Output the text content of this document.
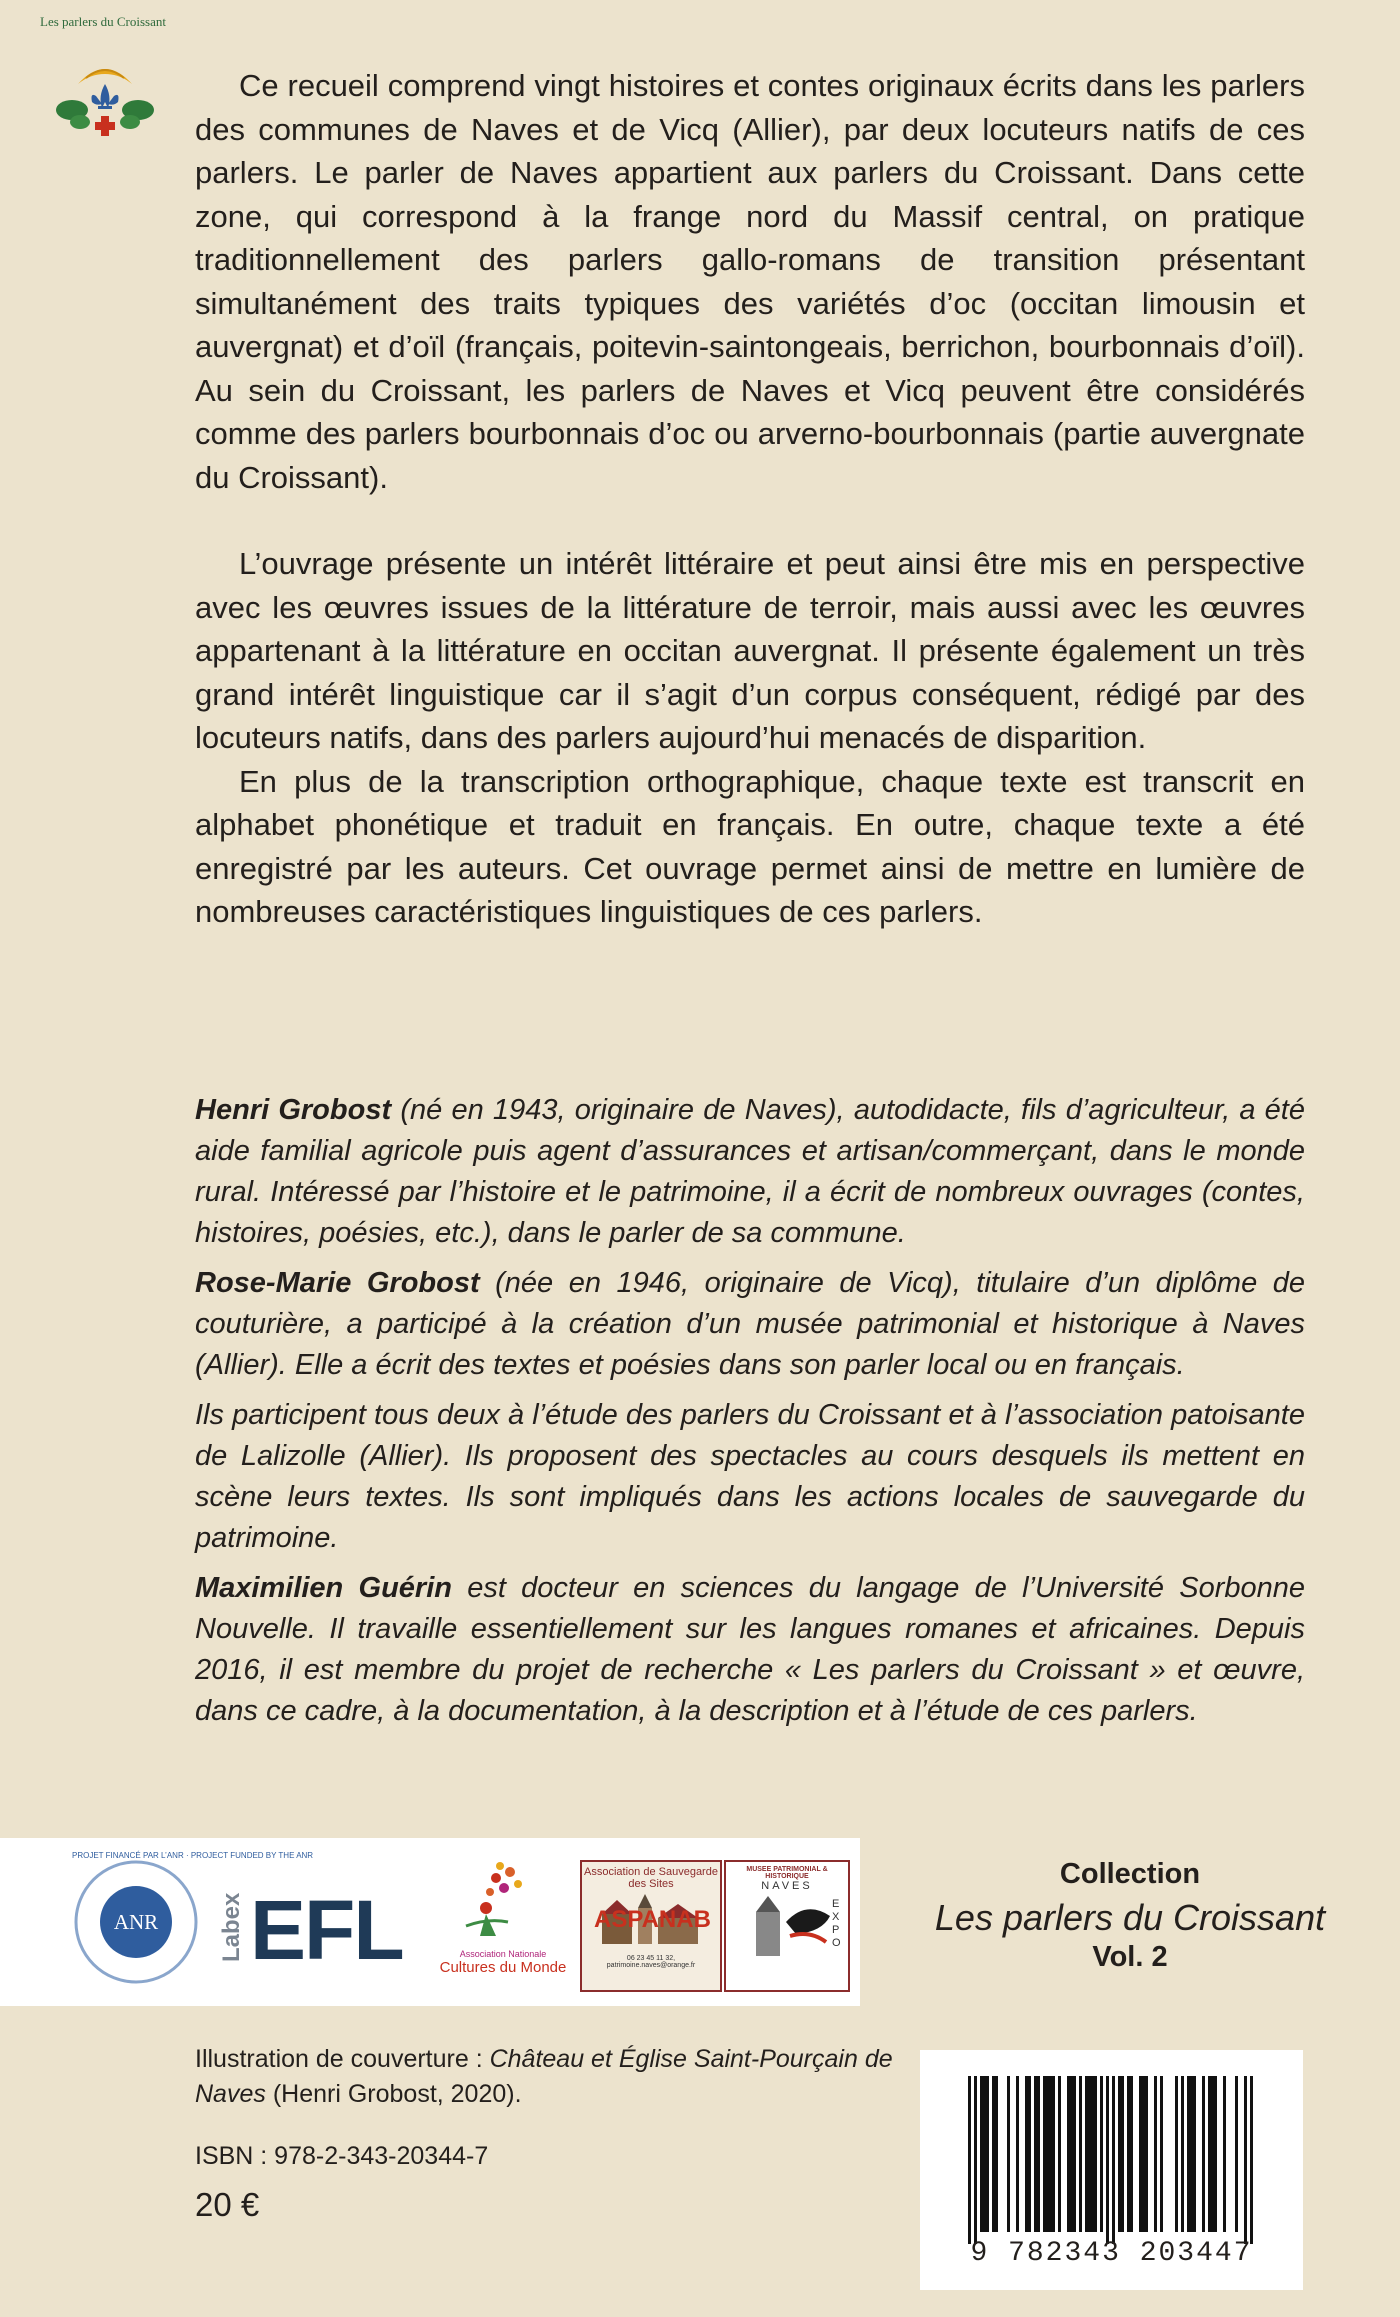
Les parlers du Croissant

Ce recueil comprend vingt histoires et contes originaux écrits dans les parlers des communes de Naves et de Vicq (Allier), par deux locuteurs natifs de ces parlers. Le parler de Naves appartient aux parlers du Croissant. Dans cette zone, qui correspond à la frange nord du Massif central, on pratique traditionnellement des parlers gallo-romans de transition présentant simultanément des traits typiques des variétés d’oc (occitan limousin et auvergnat) et d’oïl (français, poitevin-saintongeais, berrichon, bourbonnais d’oïl). Au sein du Croissant, les parlers de Naves et Vicq peuvent être considérés comme des parlers bourbonnais d’oc ou arverno-bourbonnais (partie auvergnate du Croissant).

L’ouvrage présente un intérêt littéraire et peut ainsi être mis en perspective avec les œuvres issues de la littérature de terroir, mais aussi avec les œuvres appartenant à la littérature en occitan auvergnat. Il présente également un très grand intérêt linguistique car il s’agit d’un corpus conséquent, rédigé par des locuteurs natifs, dans des parlers aujourd’hui menacés de disparition.

En plus de la transcription orthographique, chaque texte est transcrit en alphabet phonétique et traduit en français. En outre, chaque texte a été enregistré par les auteurs. Cet ouvrage permet ainsi de mettre en lumière de nombreuses caractéristiques linguistiques de ces parlers.

Henri Grobost (né en 1943, originaire de Naves), autodidacte, fils d’agriculteur, a été aide familial agricole puis agent d’assurances et artisan/commerçant, dans le monde rural. Intéressé par l’histoire et le patrimoine, il a écrit de nombreux ouvrages (contes, histoires, poésies, etc.), dans le parler de sa commune.

Rose-Marie Grobost (née en 1946, originaire de Vicq), titulaire d’un diplôme de couturière, a participé à la création d’un musée patrimonial et historique à Naves (Allier). Elle a écrit des textes et poésies dans son parler local ou en français.

Ils participent tous deux à l’étude des parlers du Croissant et à l’association patoisante de Lalizolle (Allier). Ils proposent des spectacles au cours desquels ils mettent en scène leurs textes. Ils sont impliqués dans les actions locales de sauvegarde du patrimoine.

Maximilien Guérin est docteur en sciences du langage de l’Université Sorbonne Nouvelle. Il travaille essentiellement sur les langues romanes et africaines. Depuis 2016, il est membre du projet de recherche « Les parlers du Croissant » et œuvre, dans ce cadre, à la documentation, à la description et à l’étude de ces parlers.

PROJET FINANCÉ PAR L’ANR · PROJECT FUNDED BY THE ANR
ANR Labex EFL	Association Nationale
Cultures du Monde
Association de Sauvegarde des Sites
ASPANAB
06 23 45 11 32, patrimoine.naves@orange.fr
MUSEE PATRIMONIAL & HISTORIQUE
NAVES
EXPO
Collection
Les parlers du Croissant
Vol. 2
Illustration de couverture : Château et Église Saint-Pourçain de Naves (Henri Grobost, 2020).
ISBN : 978-2-343-20344-7
20 €
9 782343 203447
